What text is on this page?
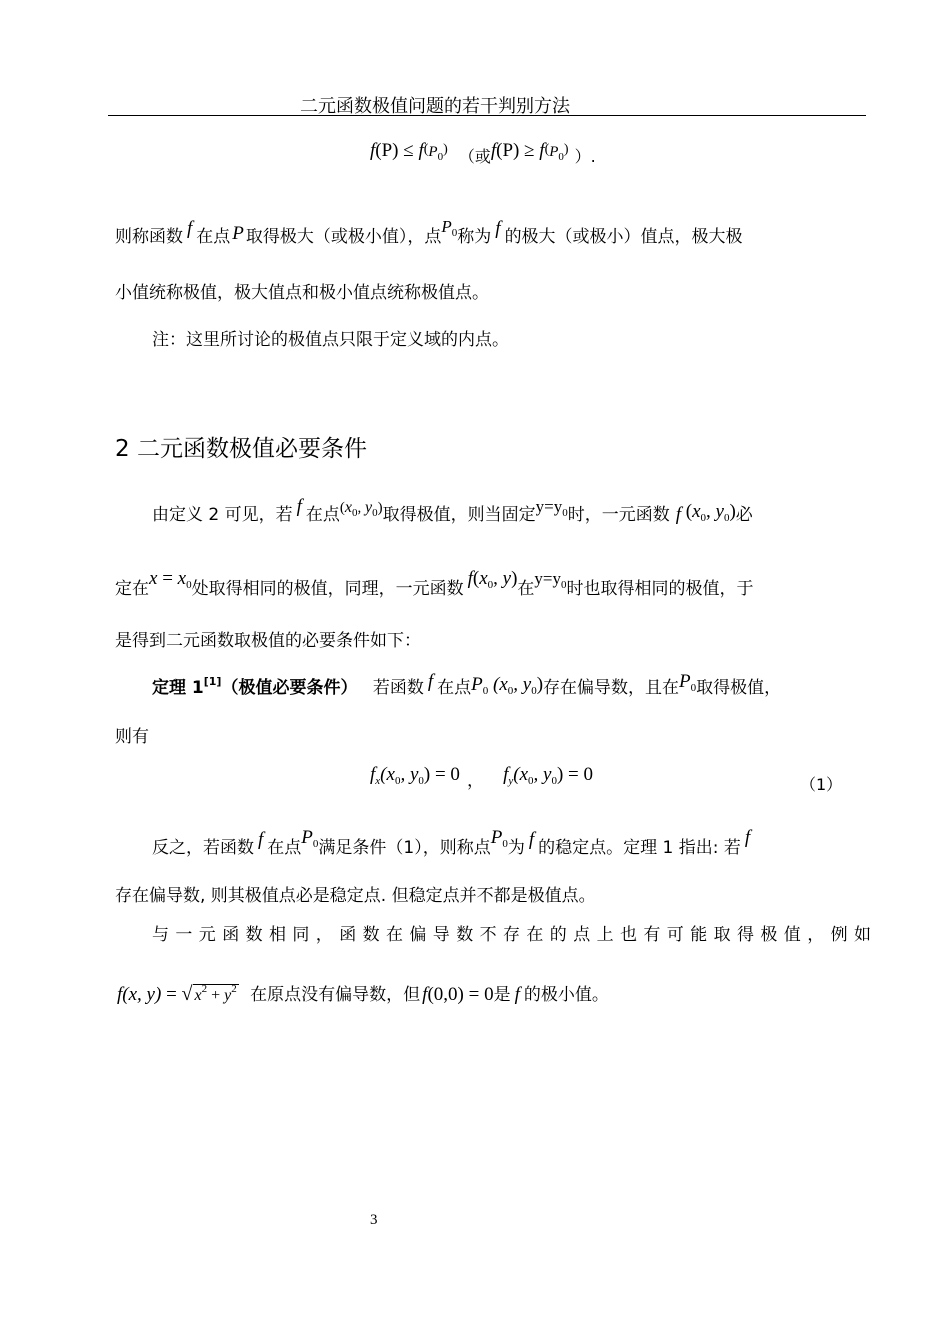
二元函数极值问题的若干判别方法
$f(P) \le f(P_0)$ （或$f(P) \ge f(P_0)$ ）.
则称函数 f 在点 P 取得极大（或极小值），点$P_0$称为 f 的极大（或极小）值点，极大极
小值统称极值，极大值点和极小值点统称极值点。
注：这里所讨论的极值点只限于定义域的内点。
2 二元函数极值必要条件
由定义 2 可见，若 f 在点($x_0$, $y_0$)取得极值，则当固定$y=y_0$时，一元函数 f ($x_0$, $y_0$)必
定在$x = x_0$处取得相同的极值，同理，一元函数 $f(x_0$, y)在$y=y_0$时也取得相同的极值，于
是得到二元函数取极值的必要条件如下：
定理 1[1]（极值必要条件） 若函数 f 在点$P_0$ ($x_0$, $y_0$)存在偏导数，且在$P_0$取得极值，
则有
$f_x(x_0$, $y_0) = 0$ ， $f_y(x_0$, $y_0) = 0$	（1）
反之，若函数 f 在点$P_0$满足条件（1），则称点$P_0$为 f 的稳定点。定理 1 指出: 若 f
存在偏导数, 则其极值点必是稳定点. 但稳定点并不都是极值点。
与一元函数相同，函数在偏导数不存在的点上也有可能取得极值，例如
f(x, y) = √ $x^2 + y^2$ 在原点没有偏导数，但 f(0,0) = 0是 f 的极小值。
3
